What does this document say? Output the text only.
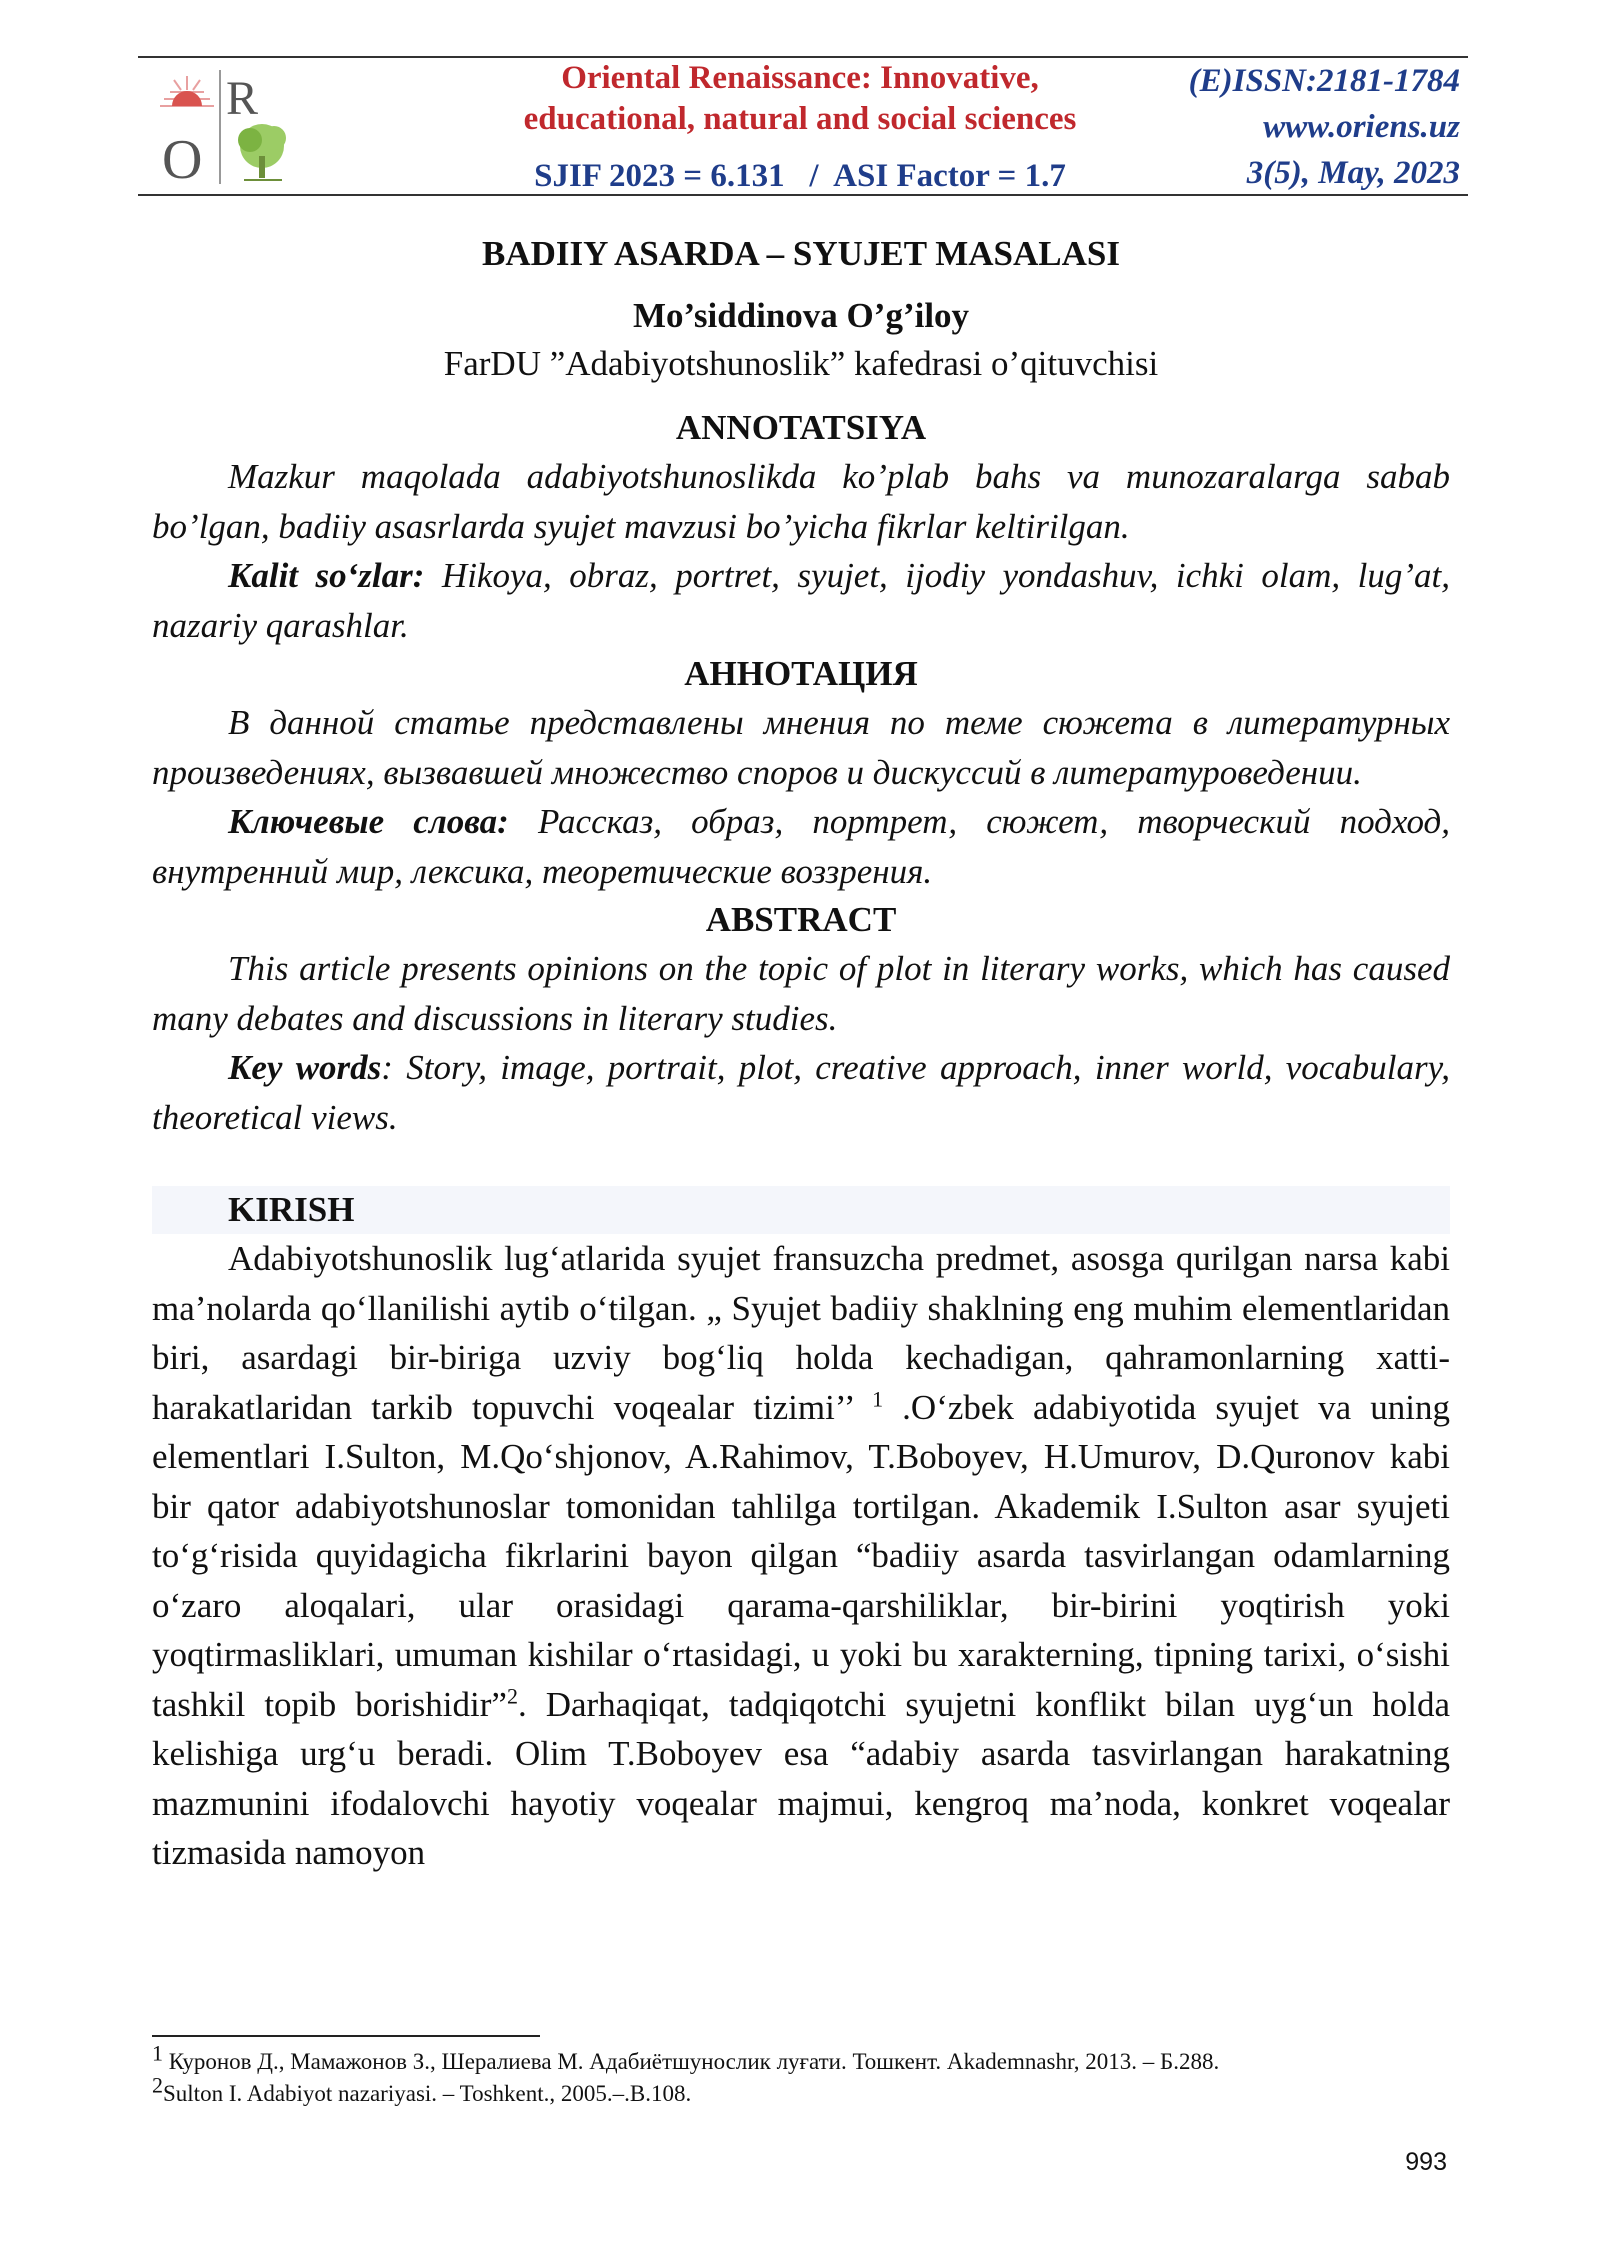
R
O
Oriental Renaissance: Innovative,
educational, natural and social sciences
SJIF 2023 = 6.131   /  ASI Factor = 1.7
(E)ISSN:2181-1784
www.oriens.uz
3(5), May, 2023
BADIIY ASARDA – SYUJET MASALASI
Mo’siddinova O’g’iloy
FarDU ”Adabiyotshunoslik” kafedrasi o’qituvchisi
ANNOTATSIYA

Mazkur maqolada adabiyotshunoslikda ko’plab bahs va munozaralarga sabab bo’lgan, badiiy asasrlarda syujet mavzusi bo’yicha fikrlar keltirilgan.

Kalit so‘zlar: Hikoya, obraz, portret, syujet, ijodiy yondashuv, ichki olam, lug’at, nazariy qarashlar.

АННОТАЦИЯ

В данной статье представлены мнения по теме сюжета в литературных произведениях, вызвавшей множество споров и дискуссий в литературоведении.

Ключевые слова: Рассказ, образ, портрет, сюжет, творческий подход, внутренний мир, лексика, теоретические воззрения.

ABSTRACT

This article presents opinions on the topic of plot in literary works, which has caused many debates and discussions in literary studies.

Key words: Story, image, portrait, plot, creative approach, inner world, vocabulary, theoretical views.

KIRISH

Adabiyotshunoslik lug‘atlarida syujet fransuzcha predmet, asosga qurilgan narsa kabi ma’nolarda qo‘llanilishi aytib o‘tilgan. „ Syujet badiiy shaklning eng muhim elementlaridan biri, asardagi bir-biriga uzviy bog‘liq holda kechadigan, qahramonlarning xatti-harakatlaridan tarkib topuvchi voqealar tizimi’’ $^1$ .O‘zbek adabiyotida syujet va uning elementlari I.Sulton, M.Qo‘shjonov, A.Rahimov, T.Boboyev, H.Umurov, D.Quronov kabi bir qator adabiyotshunoslar tomonidan tahlilga tortilgan. Akademik I.Sulton asar syujeti to‘g‘risida quyidagicha fikrlarini bayon qilgan “badiiy asarda tasvirlangan odamlarning o‘zaro aloqalari, ular orasidagi qarama-qarshiliklar, bir-birini yoqtirish yoki yoqtirmasliklari, umuman kishilar o‘rtasidagi, u yoki bu xarakterning, tipning tarixi, o‘sishi tashkil topib borishidir”$^2$. Darhaqiqat, tadqiqotchi syujetni konflikt bilan uyg‘un holda kelishiga urg‘u beradi. Olim T.Boboyev esa “adabiy asarda tasvirlangan harakatning mazmunini ifodalovchi hayotiy voqealar majmui, kengroq ma’noda, konkret voqealar tizmasida namoyon

$^1$ Куронов Д., Мамажонов З., Шералиева М. Адабиётшунослик луғати. Тошкент. Akademnashr, 2013. – Б.288.
$^2$Sulton I. Adabiyot nazariyasi. – Toshkent., 2005.–.B.108.
993
